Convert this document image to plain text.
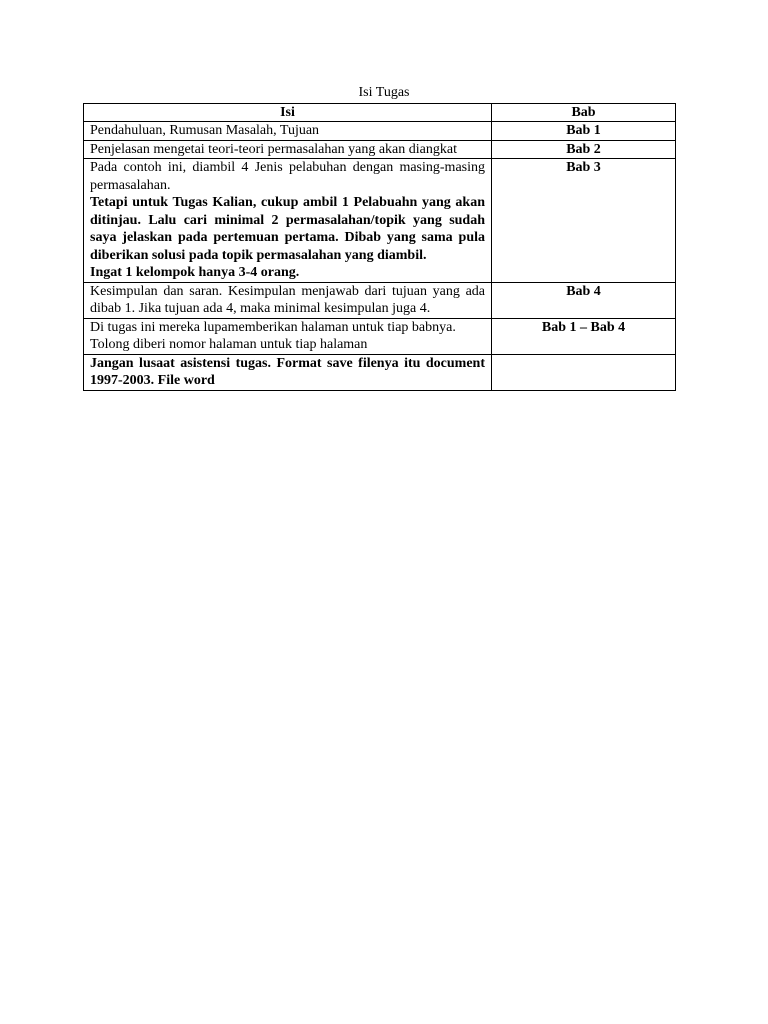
Isi Tugas
Isi	Bab

Pendahuluan, Rumusan Masalah, Tujuan	Bab 1

Penjelasan mengetai teori-teori permasalahan yang akan diangkat	Bab 2

Pada contoh ini, diambil 4 Jenis pelabuhan dengan masing-masing permasalahan.
Tetapi untuk Tugas Kalian, cukup ambil 1 Pelabuahn yang akan ditinjau. Lalu cari minimal 2 permasalahan/topik yang sudah saya jelaskan pada pertemuan pertama. Dibab yang sama pula diberikan solusi pada topik permasalahan yang diambil.
Ingat 1 kelompok hanya 3-4 orang.	Bab 3

Kesimpulan dan saran. Kesimpulan menjawab dari tujuan yang ada dibab 1. Jika tujuan ada 4, maka minimal kesimpulan juga 4.	Bab 4

Di tugas ini mereka lupamemberikan halaman untuk tiap babnya.
Tolong diberi nomor halaman untuk tiap halaman	Bab 1 – Bab 4

Jangan lusaat asistensi tugas. Format save filenya itu document 1997-2003. File word	
